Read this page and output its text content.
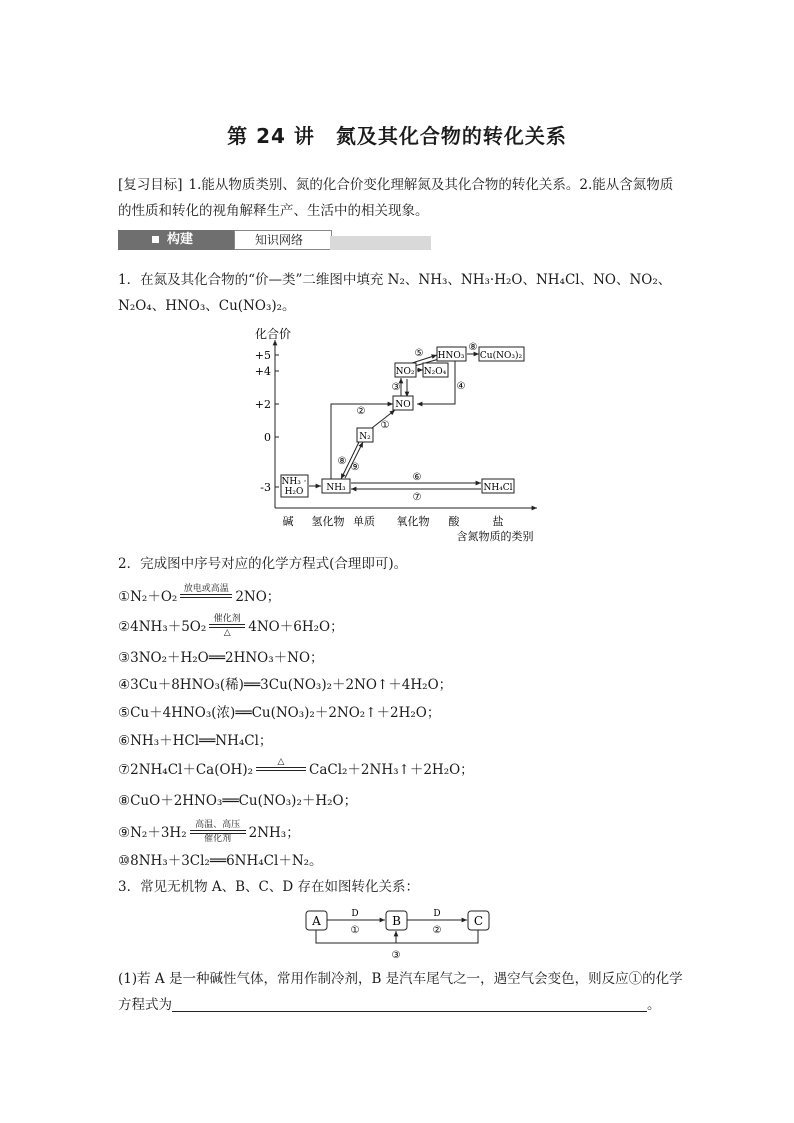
第 24 讲　氮及其化合物的转化关系
[复习目标] 1.能从物质类别、氮的化合价变化理解氮及其化合物的转化关系。2.能从含氮物质的性质和转化的视角解释生产、生活中的相关现象。
构建	知识网络
1．在氮及其化合物的“价—类”二维图中填充 N₂、NH₃、NH₃·H₂O、NH₄Cl、NO、NO₂、N₂O₄、HNO₃、Cu(NO₃)₂。
化合价
+5
+4
+2
0
-3
碱 氢化物 单质 氧化物 酸	盐
含氮物质的类别
NH₃ ·
H₂O	NH₃
N₂
NO
NO₂ N₂O₄
HNO₃ Cu(NO₃)₂
NH₄Cl
①
②
③	④
⑤
⑥
⑦
⑧
⑧
⑨
2．完成图中序号对应的化学方程式(合理即可)。
①N₂＋O₂ 放电或高温
2NO；
②4NH₃＋5O₂ 催化剂
△	4NO＋6H₂O；
③3NO₂＋H₂O══2HNO₃＋NO；
④3Cu＋8HNO₃(稀)══3Cu(NO₃)₂＋2NO↑＋4H₂O；
⑤Cu＋4HNO₃(浓)══Cu(NO₃)₂＋2NO₂↑＋2H₂O；
⑥NH₃＋HCl══NH₄Cl；
⑦2NH₄Cl＋Ca(OH)₂	△
	CaCl₂＋2NH₃↑＋2H₂O；
⑧CuO＋2HNO₃══Cu(NO₃)₂＋H₂O；
⑨N₂＋3H₂ 高温、高压
催化剂	2NH₃；
⑩8NH₃＋3Cl₂══6NH₄Cl＋N₂。
3．常见无机物 A、B、C、D 存在如图转化关系：
A	B	C
D	D
①	②
③
(1)若 A 是一种碱性气体，常用作制冷剂，B 是汽车尾气之一，遇空气会变色，则反应①的化学方程式为	。
